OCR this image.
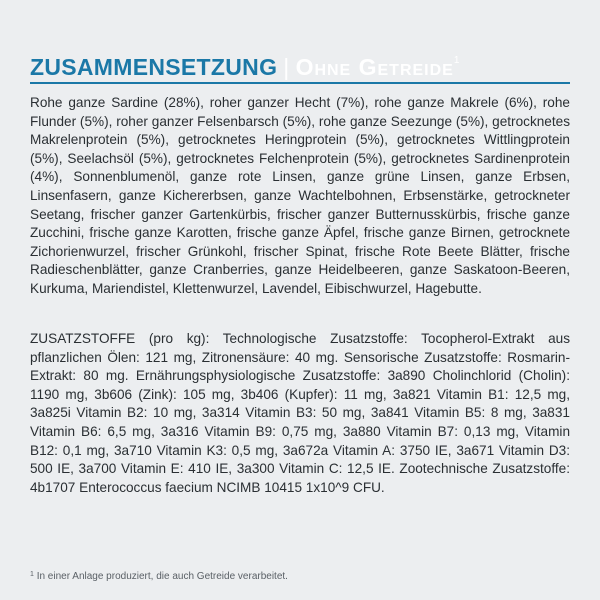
ZUSAMMENSETZUNG | Ohne Getreide$^1$

Rohe ganze Sardine (28%), roher ganzer Hecht (7%), rohe ganze Makrele (6%), rohe Flunder (5%), roher ganzer Felsenbarsch (5%), rohe ganze Seezunge (5%), getrocknetes Makrelenprotein (5%), getrocknetes Heringprotein (5%), getrocknetes Wittlingprotein (5%), Seelachsöl (5%), getrocknetes Felchenprotein (5%), getrocknetes Sardinenprotein (4%), Sonnenblumenöl, ganze rote Linsen, ganze grüne Linsen, ganze Erbsen, Linsenfasern, ganze Kichererbsen, ganze Wachtelbohnen, Erbsenstärke, getrockneter Seetang, frischer ganzer Gartenkürbis, frischer ganzer Butternusskürbis, frische ganze Zucchini, frische ganze Karotten, frische ganze Äpfel, frische ganze Birnen, getrocknete Zichorienwurzel, frischer Grünkohl, frischer Spinat, frische Rote Beete Blätter, frische Radieschenblätter, ganze Cranberries, ganze Heidelbeeren, ganze Saskatoon-Beeren, Kurkuma, Mariendistel, Klettenwurzel, Lavendel, Eibischwurzel, Hagebutte.

ZUSATZSTOFFE (pro kg): Technologische Zusatzstoffe: Tocopherol-Extrakt aus pflanzlichen Ölen: 121 mg, Zitronensäure: 40 mg. Sensorische Zusatzstoffe: Rosmarin-Extrakt: 80 mg. Ernährungsphysiologische Zusatzstoffe: 3a890 Cholinchlorid (Cholin): 1190 mg, 3b606 (Zink): 105 mg, 3b406 (Kupfer): 11 mg, 3a821 Vitamin B1: 12,5 mg, 3a825i Vitamin B2: 10 mg, 3a314 Vitamin B3: 50 mg, 3a841 Vitamin B5: 8 mg, 3a831 Vitamin B6: 6,5 mg, 3a316 Vitamin B9: 0,75 mg, 3a880 Vitamin B7: 0,13 mg, Vitamin B12: 0,1 mg, 3a710 Vitamin K3: 0,5 mg, 3a672a Vitamin A: 3750 IE, 3a671 Vitamin D3: 500 IE, 3a700 Vitamin E: 410 IE, 3a300 Vitamin C: 12,5 IE. Zootechnische Zusatzstoffe: 4b1707 Enterococcus faecium NCIMB 10415 1x10^9 CFU.

$^1$ In einer Anlage produziert, die auch Getreide verarbeitet.
